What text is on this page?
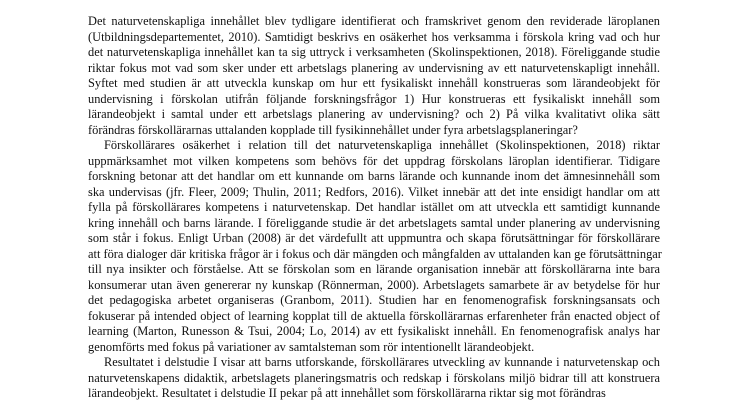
Det naturvetenskapliga innehållet blev tydligare identifierat och framskrivet genom den reviderade läroplanen
(Utbildningsdepartementet, 2010). Samtidigt beskrivs en osäkerhet hos verksamma i förskola kring vad och hur
det naturvetenskapliga innehållet kan ta sig uttryck i verksamheten (Skolinspektionen, 2018). Föreliggande studie
riktar fokus mot vad som sker under ett arbetslags planering av undervisning av ett naturvetenskapligt innehåll.
Syftet med studien är att utveckla kunskap om hur ett fysikaliskt innehåll konstrueras som lärandeobjekt för
undervisning i förskolan utifrån följande forskningsfrågor 1) Hur konstrueras ett fysikaliskt innehåll som
lärandeobjekt i samtal under ett arbetslags planering av undervisning? och 2) På vilka kvalitativt olika sätt
förändras förskollärarnas uttalanden kopplade till fysikinnehållet under fyra arbetslagsplaneringar?
Förskollärares osäkerhet i relation till det naturvetenskapliga innehållet (Skolinspektionen, 2018) riktar
uppmärksamhet mot vilken kompetens som behövs för det uppdrag förskolans läroplan identifierar. Tidigare
forskning betonar att det handlar om ett kunnande om barns lärande och kunnande inom det ämnesinnehåll som
ska undervisas (jfr. Fleer, 2009; Thulin, 2011; Redfors, 2016). Vilket innebär att det inte ensidigt handlar om att
fylla på förskollärares kompetens i naturvetenskap. Det handlar istället om att utveckla ett samtidigt kunnande
kring innehåll och barns lärande. I föreliggande studie är det arbetslagets samtal under planering av undervisning
som står i fokus. Enligt Urban (2008) är det värdefullt att uppmuntra och skapa förutsättningar för förskollärare
att föra dialoger där kritiska frågor är i fokus och där mängden och mångfalden av uttalanden kan ge förutsättningar
till nya insikter och förståelse. Att se förskolan som en lärande organisation innebär att förskollärarna inte bara
konsumerar utan även genererar ny kunskap (Rönnerman, 2000). Arbetslagets samarbete är av betydelse för hur
det pedagogiska arbetet organiseras (Granbom, 2011). Studien har en fenomenografisk forskningsansats och
fokuserar på intended object of learning kopplat till de aktuella förskollärarnas erfarenheter från enacted object of
learning (Marton, Runesson & Tsui, 2004; Lo, 2014) av ett fysikaliskt innehåll. En fenomenografisk analys har
genomförts med fokus på variationer av samtalsteman som rör intentionellt lärandeobjekt.
Resultatet i delstudie I visar att barns utforskande, förskollärares utveckling av kunnande i naturvetenskap och
naturvetenskapens didaktik, arbetslagets planeringsmatris och redskap i förskolans miljö bidrar till att konstruera
lärandeobjekt. Resultatet i delstudie II pekar på att innehållet som förskollärarna riktar sig mot förändras
